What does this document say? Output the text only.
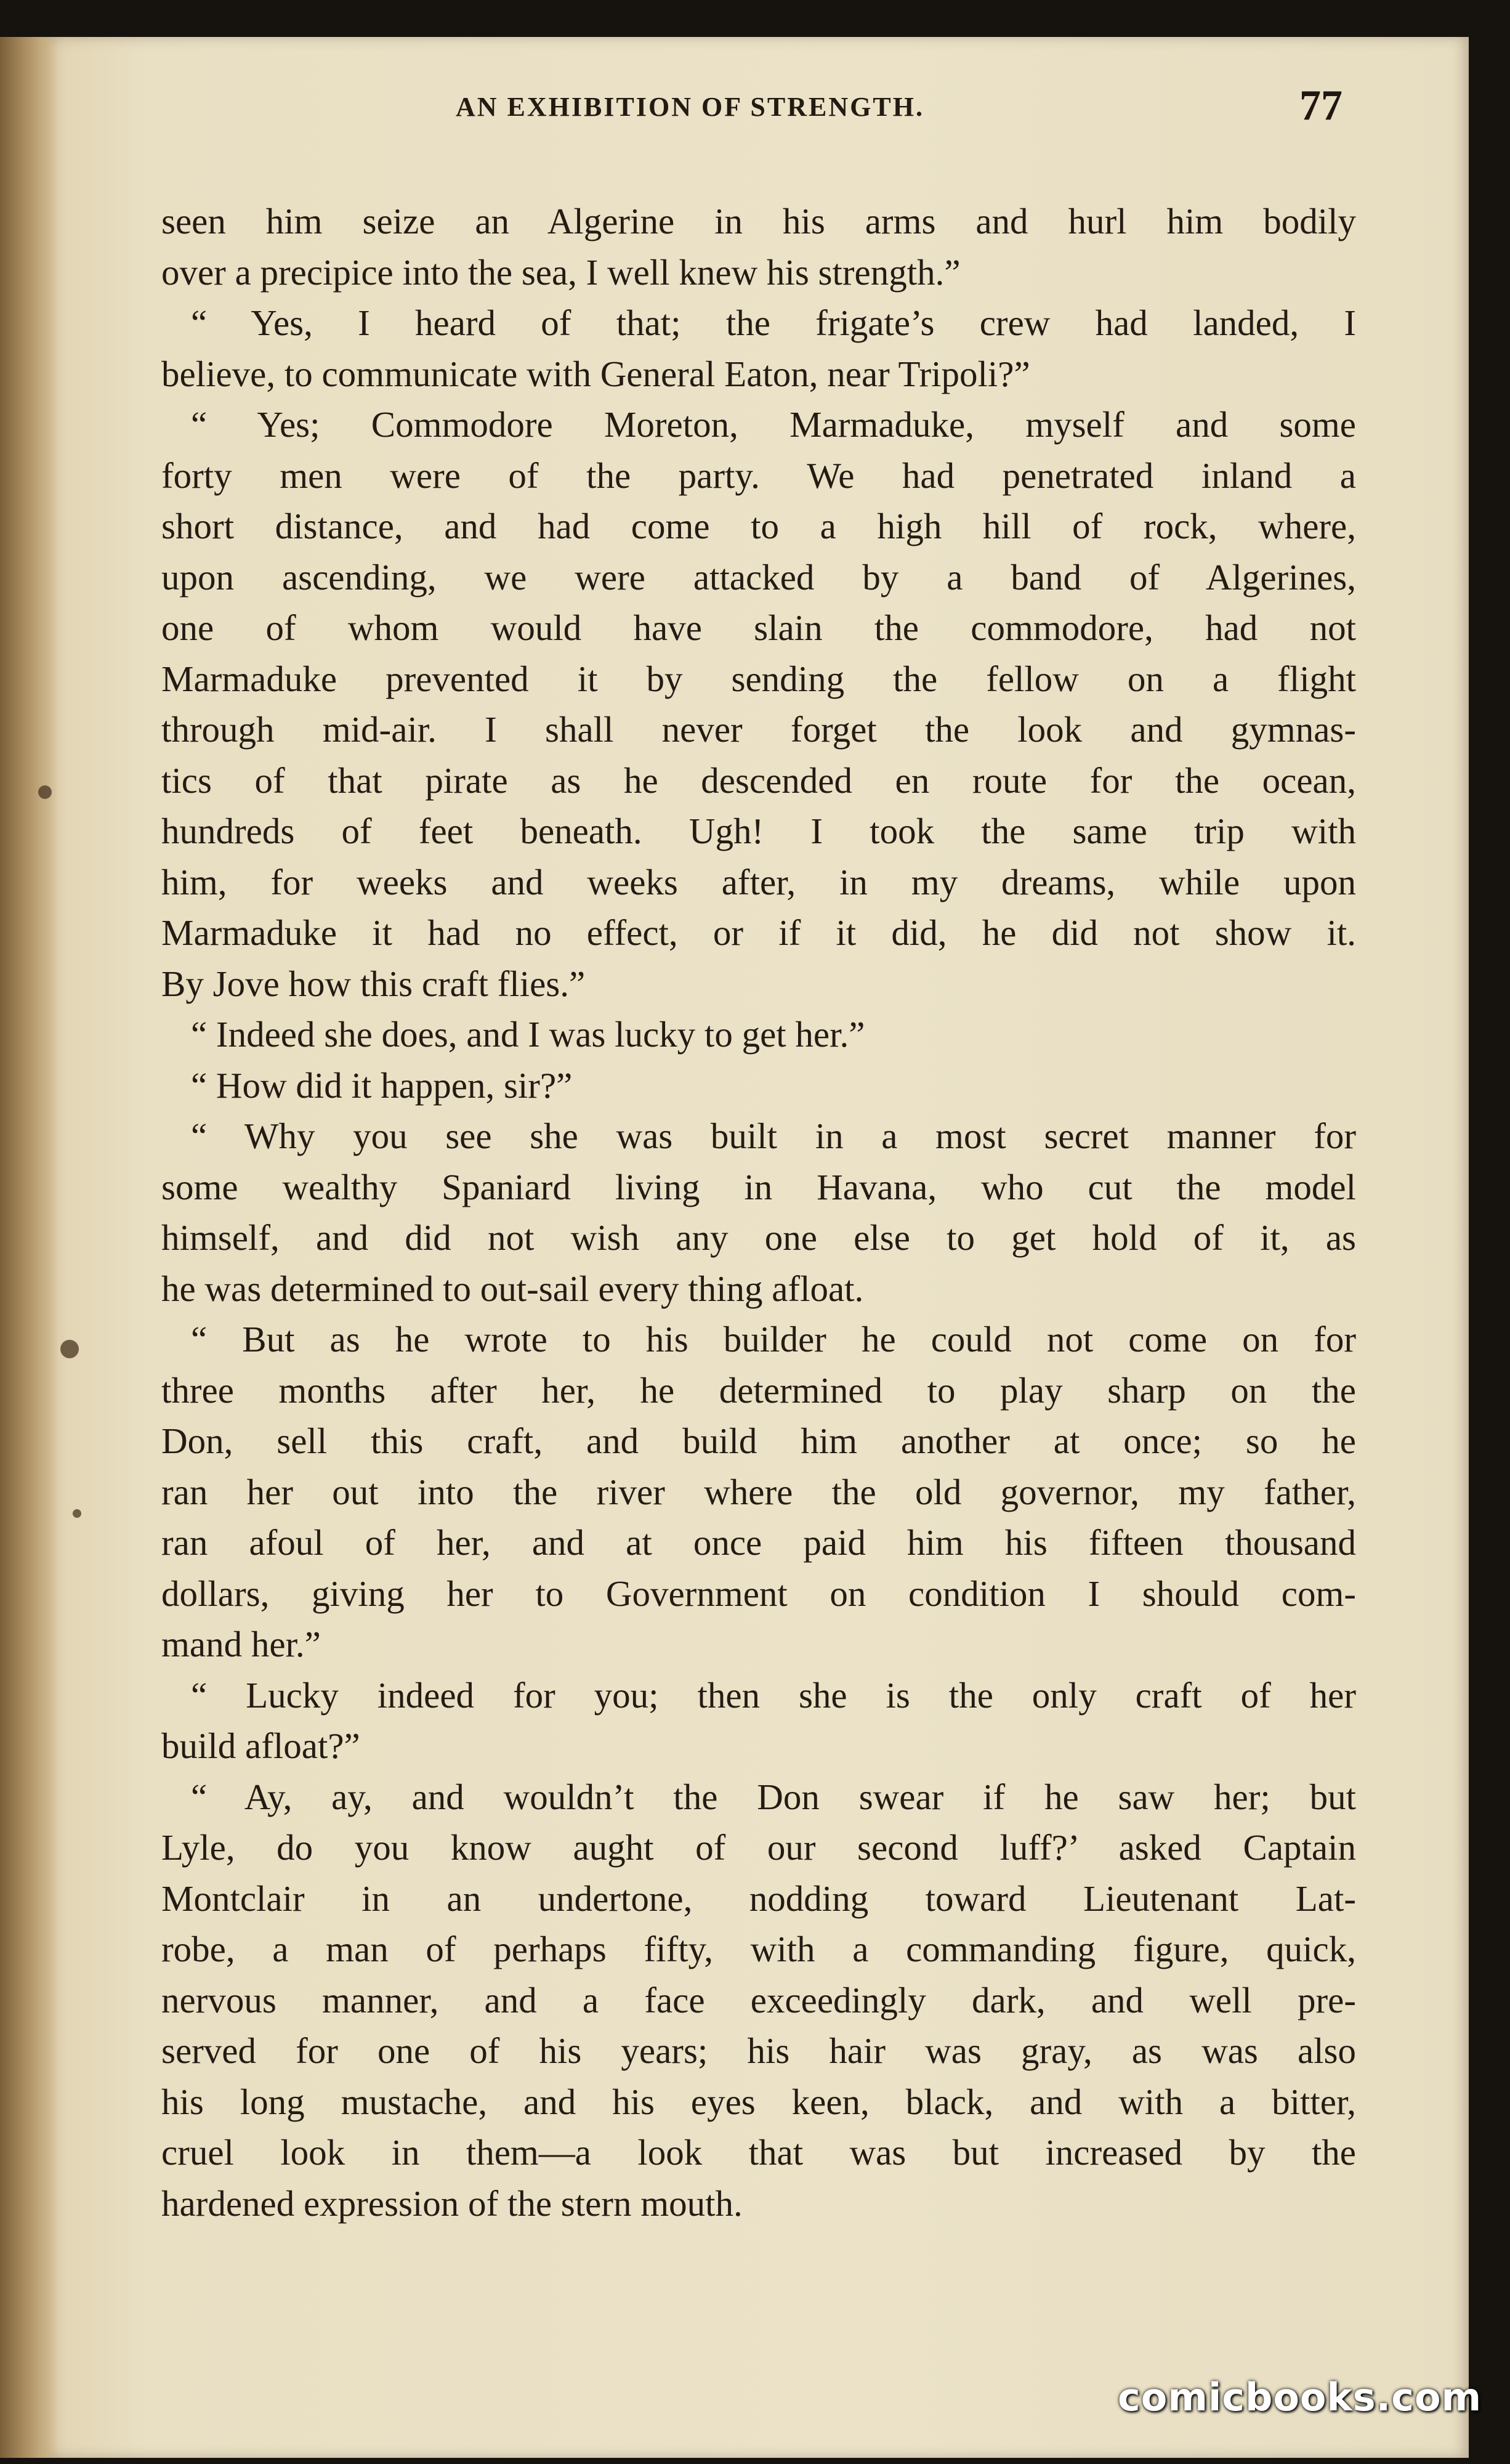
AN EXHIBITION OF STRENGTH.	77
seen him seize an Algerine in his arms and hurl him bodily
over a precipice into the sea, I well knew his strength.”
“ Yes, I heard of that; the frigate’s crew had landed, I
believe, to communicate with General Eaton, near Tripoli?”
“ Yes; Commodore Moreton, Marmaduke, myself and some
forty men were of the party. We had penetrated inland a
short distance, and had come to a high hill of rock, where,
upon ascending, we were attacked by a band of Algerines,
one of whom would have slain the commodore, had not
Marmaduke prevented it by sending the fellow on a flight
through mid-air. I shall never forget the look and gymnas-
tics of that pirate as he descended en route for the ocean,
hundreds of feet beneath. Ugh! I took the same trip with
him, for weeks and weeks after, in my dreams, while upon
Marmaduke it had no effect, or if it did, he did not show it.
By Jove how this craft flies.”
“ Indeed she does, and I was lucky to get her.”
“ How did it happen, sir?”
“ Why you see she was built in a most secret manner for
some wealthy Spaniard living in Havana, who cut the model
himself, and did not wish any one else to get hold of it, as
he was determined to out-sail every thing afloat.
“ But as he wrote to his builder he could not come on for
three months after her, he determined to play sharp on the
Don, sell this craft, and build him another at once; so he
ran her out into the river where the old governor, my father,
ran afoul of her, and at once paid him his fifteen thousand
dollars, giving her to Government on condition I should com-
mand her.”
“ Lucky indeed for you; then she is the only craft of her
build afloat?”
“ Ay, ay, and wouldn’t the Don swear if he saw her; but
Lyle, do you know aught of our second luff?’ asked Captain
Montclair in an undertone, nodding toward Lieutenant Lat-
robe, a man of perhaps fifty, with a commanding figure, quick,
nervous manner, and a face exceedingly dark, and well pre-
served for one of his years; his hair was gray, as was also
his long mustache, and his eyes keen, black, and with a bitter,
cruel look in them—a look that was but increased by the
hardened expression of the stern mouth.
comicbooks.com
